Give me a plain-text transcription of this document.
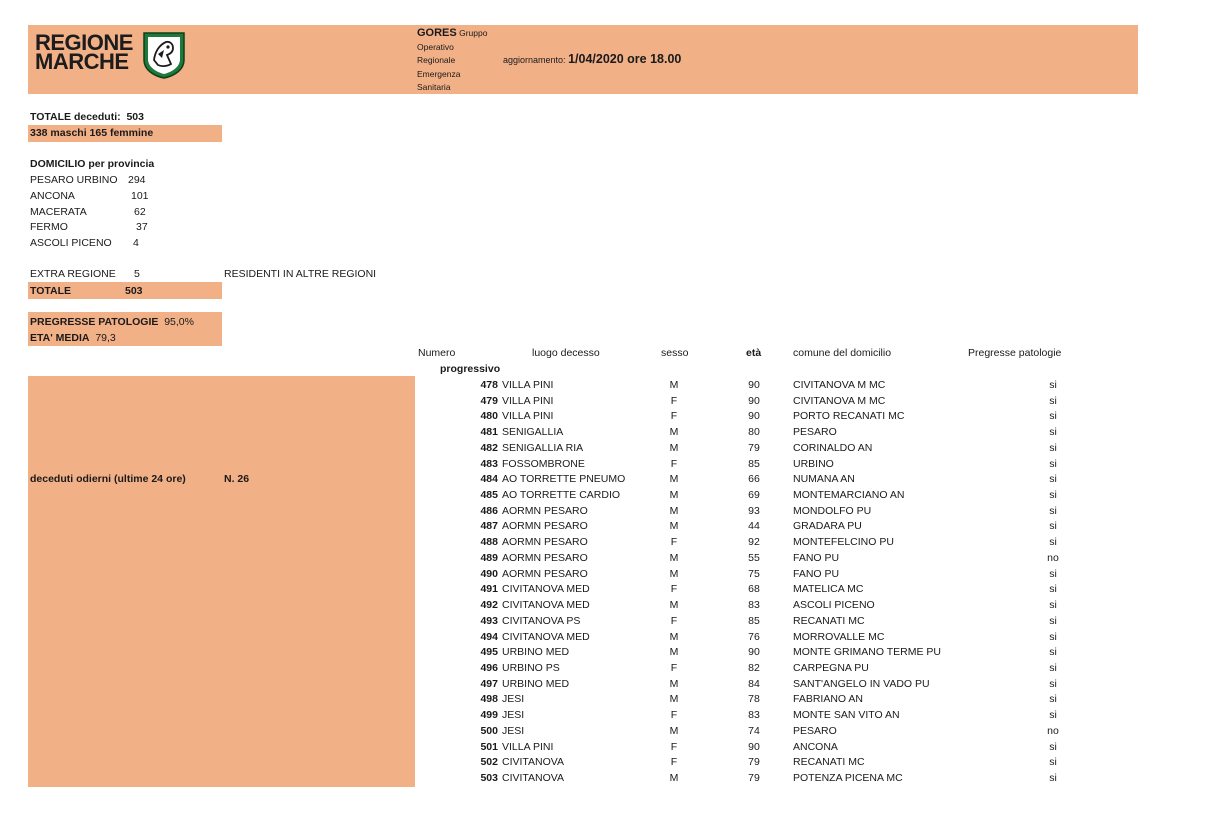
REGIONE
MARCHE
GORES Gruppo
Operativo
Regionale
Emergenza
Sanitaria
aggiornamento: 1/04/2020 ore 18.00
TOTALE deceduti: 503
338 maschi 165 femmine
DOMICILIO per provincia
PESARO URBINO 294
ANCONA	101
MACERATA	62
FERMO	37
ASCOLI PICENO 4
EXTRA REGIONE 5	RESIDENTI IN ALTRE REGIONI
TOTALE	503
PREGRESSE PATOLOGIE 95,0%
ETA' MEDIA 79,3
deceduti odierni (ultime 24 ore)	N. 26
Numero
progressivo
luogo decesso	sesso	età	comune del domicilio	Pregresse patologie
478 VILLA PINI	M	90	CIVITANOVA M MC	si
479 VILLA PINI	F	90	CIVITANOVA M MC	si
480 VILLA PINI	F	90	PORTO RECANATI MC	si
481 SENIGALLIA	M	80	PESARO	si
482 SENIGALLIA RIA	M	79	CORINALDO AN	si
483 FOSSOMBRONE	F	85	URBINO	si
484 AO TORRETTE PNEUMO	M	66	NUMANA AN	si
485 AO TORRETTE CARDIO	M	69	MONTEMARCIANO AN	si
486 AORMN PESARO	M	93	MONDOLFO PU	si
487 AORMN PESARO	M	44	GRADARA PU	si
488 AORMN PESARO	F	92	MONTEFELCINO PU	si
489 AORMN PESARO	M	55	FANO PU	no
490 AORMN PESARO	M	75	FANO PU	si
491 CIVITANOVA MED	F	68	MATELICA MC	si
492 CIVITANOVA MED	M	83	ASCOLI PICENO	si
493 CIVITANOVA PS	F	85	RECANATI MC	si
494 CIVITANOVA MED	M	76	MORROVALLE MC	si
495 URBINO MED	M	90	MONTE GRIMANO TERME PU	si
496 URBINO PS	F	82	CARPEGNA PU	si
497 URBINO MED	M	84	SANT'ANGELO IN VADO PU	si
498 JESI	M	78	FABRIANO AN	si
499 JESI	F	83	MONTE SAN VITO AN	si
500 JESI	M	74	PESARO	no
501 VILLA PINI	F	90	ANCONA	si
502 CIVITANOVA	F	79	RECANATI MC	si
503 CIVITANOVA	M	79	POTENZA PICENA MC	si
